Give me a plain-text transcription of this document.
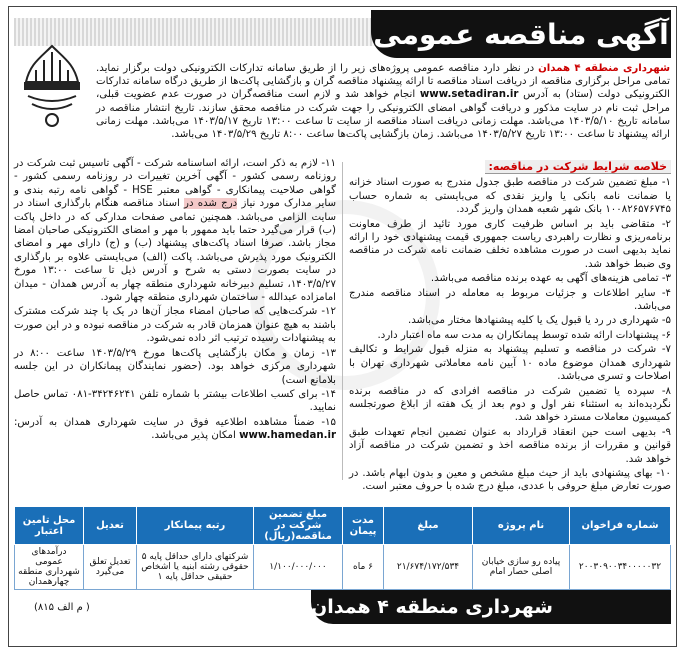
آگهی مناقصه عمومی
شهرداری منطقه ۴ همدان در نظر دارد مناقصه عمومی پروژه‌های زیر را از طریق سامانه تدارکات الکترونیکی دولت برگزار نماید. تمامی مراحل برگزاری مناقصه از دریافت اسناد مناقصه تا ارائه پیشنهاد مناقصه گران و بازگشایی پاکت‌ها از طریق درگاه سامانه تدارکات الکترونیکی دولت (ستاد) به آدرس www.setadiran.ir انجام خواهد شد و لازم است مناقصه‌گران در صورت عدم عضویت قبلی، مراحل ثبت نام در سایت مذکور و دریافت گواهی امضای الکترونیکی را جهت شرکت در مناقصه محقق سازند. تاریخ انتشار مناقصه در سامانه تاریخ ۱۴۰۳/۵/۱۰ می‌باشد. مهلت زمانی دریافت اسناد مناقصه از سایت تا ساعت ۱۳:۰۰ تاریخ ۱۴۰۳/۵/۱۷ می‌باشد. مهلت زمانی ارائه پیشنهاد تا ساعت ۱۳:۰۰ تاریخ ۱۴۰۳/۵/۲۷ می‌باشد. زمان بازگشایی پاکت‌ها ساعت ۸:۰۰ تاریخ ۱۴۰۳/۵/۲۹ می‌باشد.
خلاصه شرایط شرکت در مناقصه:

۱- مبلغ تضمین شرکت در مناقصه طبق جدول مندرج به صورت اسناد خزانه یا ضمانت نامه بانکی یا واریز نقدی که می‌بایستی به شماره حساب ۱۰۰۸۲۶۵۷۶۷۴۵ بانک شهر شعبه همدان واریز گردد.

۲- متقاضی باید بر اساس ظرفیت کاری مورد تائید از طرف معاونت برنامه‌ریزی و نظارت راهبردی ریاست جمهوری قیمت پیشنهادی خود را ارائه نماید بدیهی است در صورت مشاهده تخلف ضمانت نامه شرکت در مناقصه وی ضبط خواهد شد.

۳- تمامی هزینه‌های آگهی به عهده برنده مناقصه می‌باشد.

۴- سایر اطلاعات و جزئیات مربوط به معامله در اسناد مناقصه مندرج می‌باشد.

۵- شهرداری در رد یا قبول یک یا کلیه پیشنهادها مختار می‌باشد.

۶- پیشنهادات ارائه شده توسط پیمانکاران به مدت سه ماه اعتبار دارد.

۷- شرکت در مناقصه و تسلیم پیشنهاد به منزله قبول شرایط و تکالیف شهرداری همدان موضوع ماده ۱۰ آیین نامه معاملاتی شهرداری تهران با اصلاحات و تسری می‌باشد.

۸- سپرده یا تضمین شرکت در مناقصه افرادی که در مناقصه برنده نگردیده‌اند به استثناء نفر اول و دوم بعد از یک هفته از ابلاغ صورتجلسه کمیسیون معاملات مسترد خواهد شد.

۹- بدیهی است حین انعقاد قرارداد به عنوان تضمین انجام تعهدات طبق قوانین و مقررات از برنده مناقصه اخذ و تضمین شرکت در مناقصه آزاد خواهد شد.

۱۰- بهای پیشنهادی باید از حیث مبلغ مشخص و معین و بدون ابهام باشد. در صورت تعارض مبلغ حروفی با عددی، مبلغ درج شده با حروف معتبر است.

۱۱- لازم به ذکر است، ارائه اساسنامه شرکت - آگهی تاسیس ثبت شرکت در روزنامه رسمی کشور - آگهی آخرین تغییرات در روزنامه رسمی کشور - گواهی صلاحیت پیمانکاری - گواهی معتبر HSE - گواهی نامه رتبه بندی و سایر مدارک مورد نیاز درج شده در اسناد مناقصه هنگام بارگذاری اسناد در سایت الزامی می‌باشد. همچنین تمامی صفحات مدارکی که در داخل پاکت (ب) قرار می‌گیرد حتما باید ممهور با مهر و امضای الکترونیکی صاحبان امضا مجاز باشد. صرفا اسناد پاکت‌های پیشنهاد (ب) و (ج) دارای مهر و امضای الکترونیک مورد پذیرش می‌باشد. پاکت (الف) می‌بایستی علاوه بر بارگذاری در سایت بصورت دستی به شرح و آدرس ذیل تا ساعت ۱۳:۰۰ مورخ ۱۴۰۳/۵/۲۷، تسلیم دبیرخانه شهرداری منطقه چهار به آدرس همدان - میدان امامزاده عبدالله - ساختمان شهرداری منطقه چهار شود.

۱۲- شرکت‌هایی که صاحبان امضاء مجاز آن‌ها در یک یا چند شرکت مشترک باشند به هیچ عنوان همزمان قادر به شرکت در مناقصه نبوده و در این صورت به پیشنهادات رسیده ترتیب اثر داده نمی‌شود.

۱۳- زمان و مکان بازگشایی پاکت‌ها مورخ ۱۴۰۳/۵/۲۹ ساعت ۸:۰۰ در شهرداری مرکزی خواهد بود. (حضور نمایندگان پیمانکاران در این جلسه بلامانع است)

۱۴- برای کسب اطلاعات بیشتر با شماره تلفن ۳۴۲۴۶۲۴۱-۰۸۱ تماس حاصل نمایید.

۱۵- ضمناً مشاهده اطلاعیه فوق در سایت شهرداری همدان به آدرس: www.hamedan.ir امکان پذیر می‌باشد.

شماره فراخوان	نام پروژه	مبلغ	مدت پیمان	مبلغ تضمین شرکت در مناقصه(ریال)	رتبه پیمانکار	تعدیل	محل تامین اعتبار
۲۰۰۳۰۹۰۰۳۴۰۰۰۰۰۳۲	پیاده رو سازی خیابان اصلی حصار امام	۲۱/۶۷۴/۱۷۲/۵۳۴	۶ ماه	۱/۱۰۰/۰۰۰/۰۰۰	شرکتهای دارای حداقل پایه ۵ حقوقی رشته ابنیه یا اشخاص حقیقی حداقل پایه ۱	تعدیل تعلق می‌گیرد	درآمدهای عمومی شهرداری منطقه چهارهمدان
شهرداری منطقه ۴ همدان
( م الف ۸۱۵)
